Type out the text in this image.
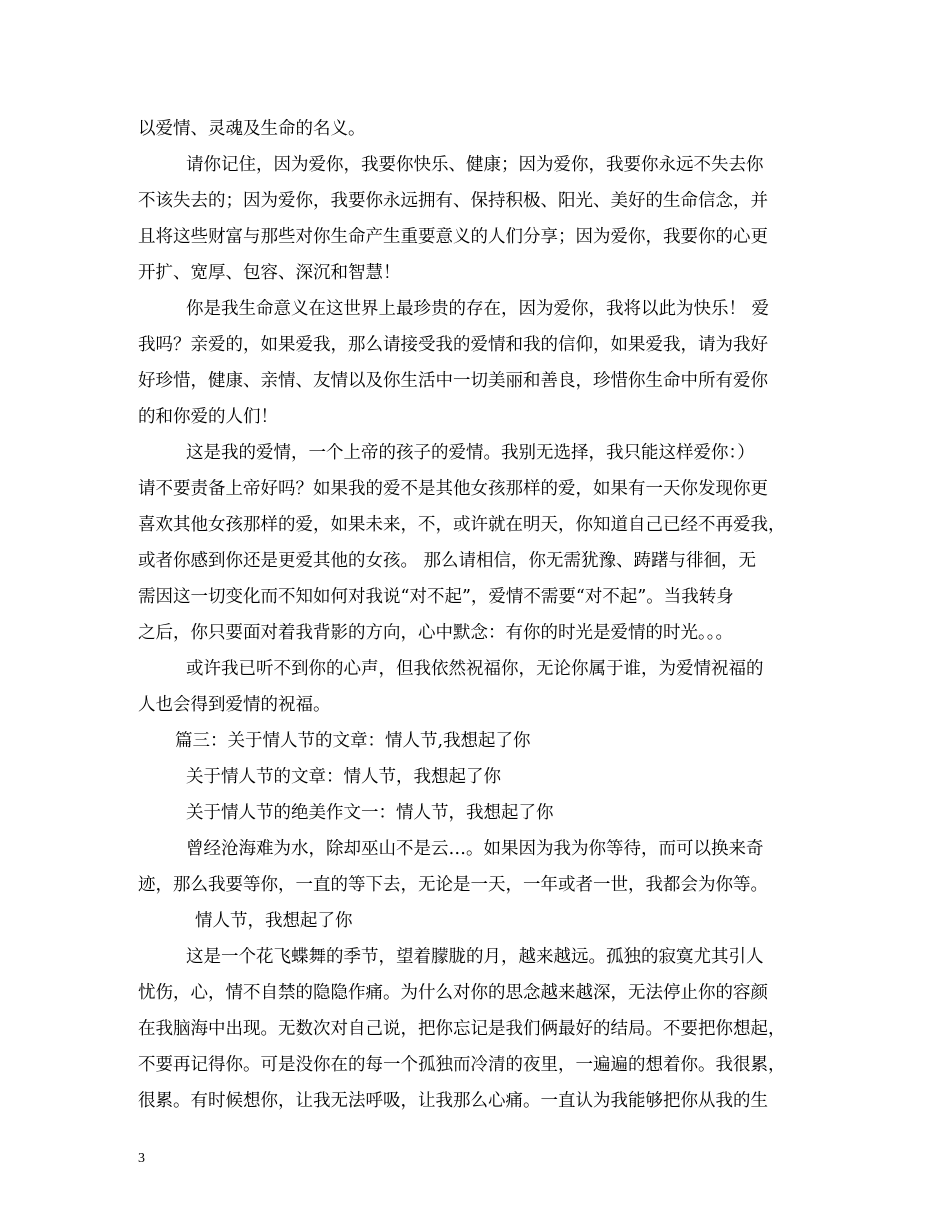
以爱情、灵魂及生命的名义。
请你记住，因为爱你，我要你快乐、健康；因为爱你，我要你永远不失去你
不该失去的；因为爱你，我要你永远拥有、保持积极、阳光、美好的生命信念，并
且将这些财富与那些对你生命产生重要意义的人们分享；因为爱你，我要你的心更
开扩、宽厚、包容、深沉和智慧！
你是我生命意义在这世界上最珍贵的存在，因为爱你，我将以此为快乐！ 爱
我吗？亲爱的，如果爱我，那么请接受我的爱情和我的信仰，如果爱我，请为我好
好珍惜，健康、亲情、友情以及你生活中一切美丽和善良，珍惜你生命中所有爱你
的和你爱的人们！
这是我的爱情，一个上帝的孩子的爱情。我别无选择，我只能这样爱你：）
请不要责备上帝好吗？如果我的爱不是其他女孩那样的爱，如果有一天你发现你更
喜欢其他女孩那样的爱，如果未来，不，或许就在明天，你知道自己已经不再爱我，
或者你感到你还是更爱其他的女孩。 那么请相信，你无需犹豫、踌躇与徘徊，无
需因这一切变化而不知如何对我说“对不起”，爱情不需要“对不起”。当我转身
之后，你只要面对着我背影的方向，心中默念：有你的时光是爱情的时光。。。
或许我已听不到你的心声，但我依然祝福你，无论你属于谁，为爱情祝福的
人也会得到爱情的祝福。
篇三：关于情人节的文章：情人节,我想起了你
关于情人节的文章：情人节，我想起了你
关于情人节的绝美作文一：情人节，我想起了你
曾经沧海难为水，除却巫山不是云…。如果因为我为你等待，而可以换来奇
迹，那么我要等你，一直的等下去，无论是一天，一年或者一世，我都会为你等。
情人节，我想起了你
这是一个花飞蝶舞的季节，望着朦胧的月，越来越远。孤独的寂寞尤其引人
忧伤，心，情不自禁的隐隐作痛。为什么对你的思念越来越深，无法停止你的容颜
在我脑海中出现。无数次对自己说，把你忘记是我们俩最好的结局。不要把你想起，
不要再记得你。可是没你在的每一个孤独而冷清的夜里，一遍遍的想着你。我很累，
很累。有时候想你，让我无法呼吸，让我那么心痛。一直认为我能够把你从我的生
3
